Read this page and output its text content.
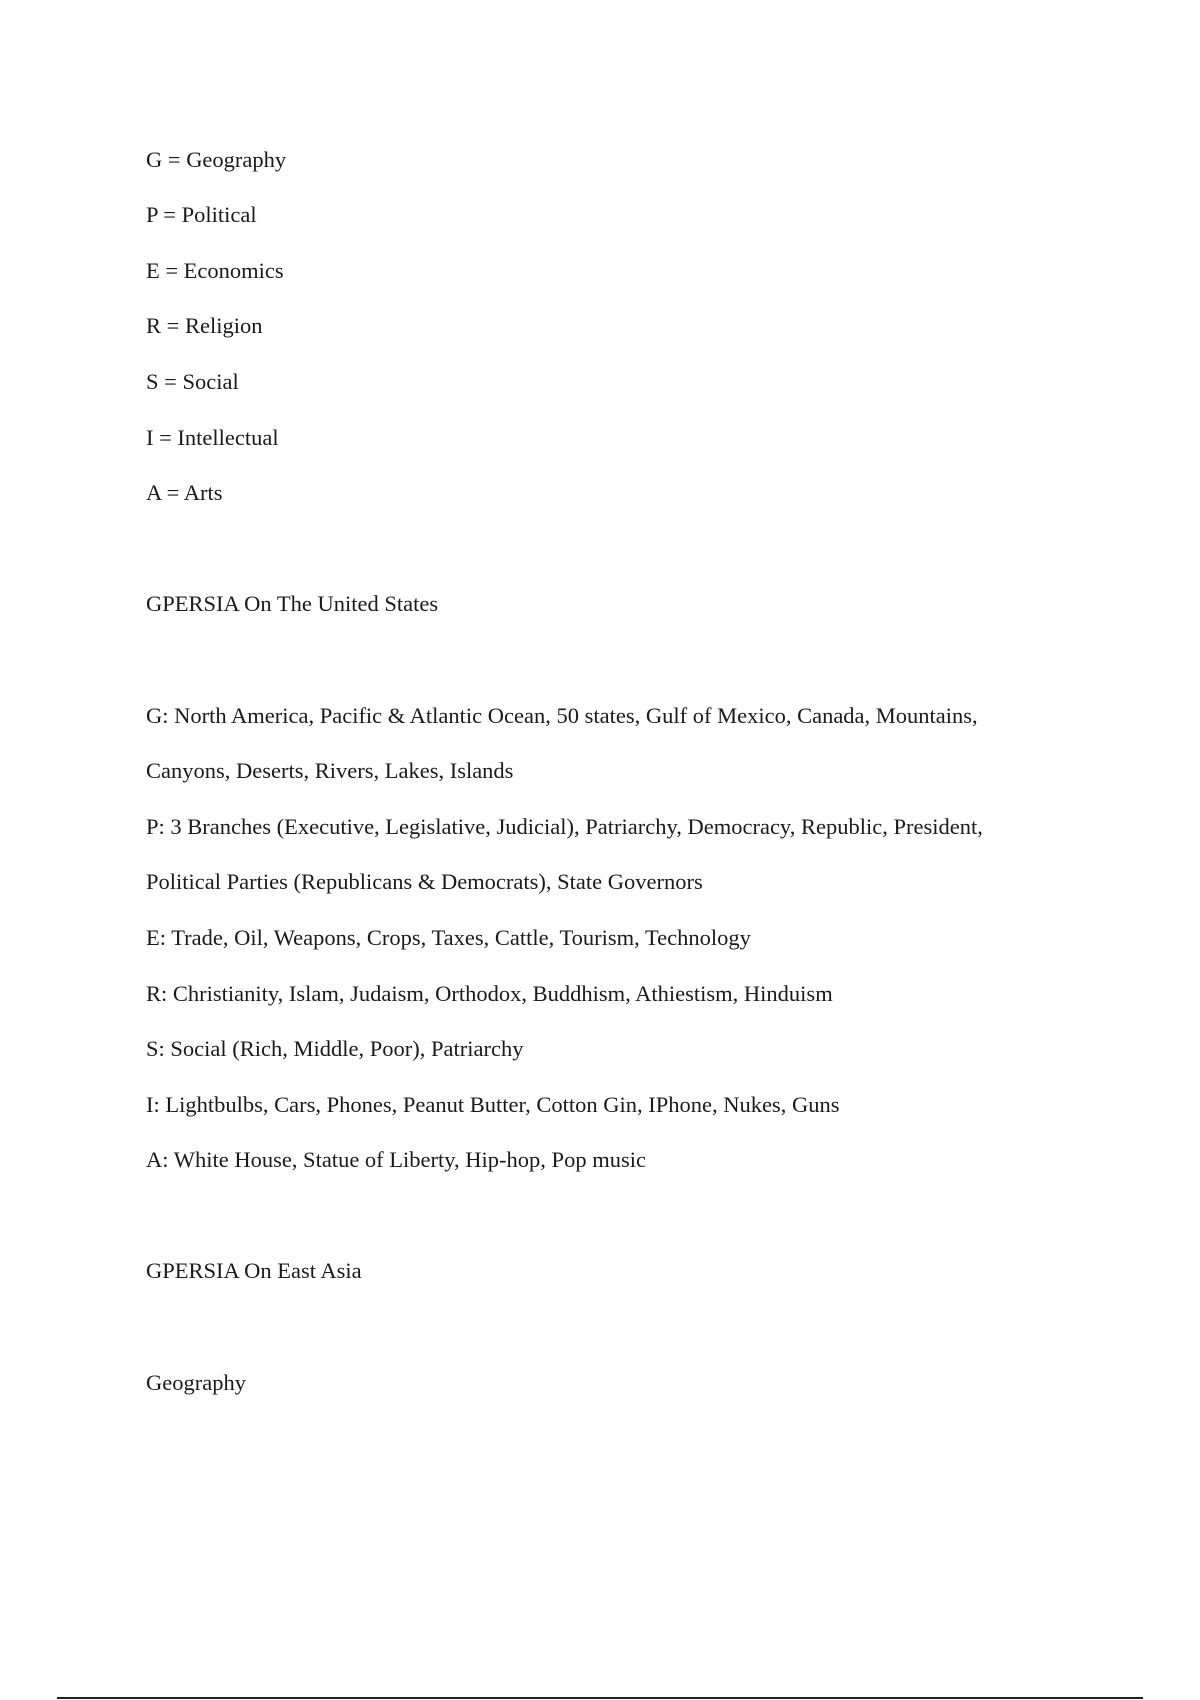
G = Geography

P = Political

E = Economics

R = Religion

S = Social

I = Intellectual

A = Arts

GPERSIA On The United States

G: North America, Pacific & Atlantic Ocean, 50 states, Gulf of Mexico, Canada, Mountains,

Canyons, Deserts, Rivers, Lakes, Islands

P: 3 Branches (Executive, Legislative, Judicial), Patriarchy, Democracy, Republic, President,

Political Parties (Republicans & Democrats), State Governors

E: Trade, Oil, Weapons, Crops, Taxes, Cattle, Tourism, Technology

R: Christianity, Islam, Judaism, Orthodox, Buddhism, Athiestism, Hinduism

S: Social (Rich, Middle, Poor), Patriarchy

I: Lightbulbs, Cars, Phones, Peanut Butter, Cotton Gin, IPhone, Nukes, Guns

A: White House, Statue of Liberty, Hip-hop, Pop music

GPERSIA On East Asia

Geography
